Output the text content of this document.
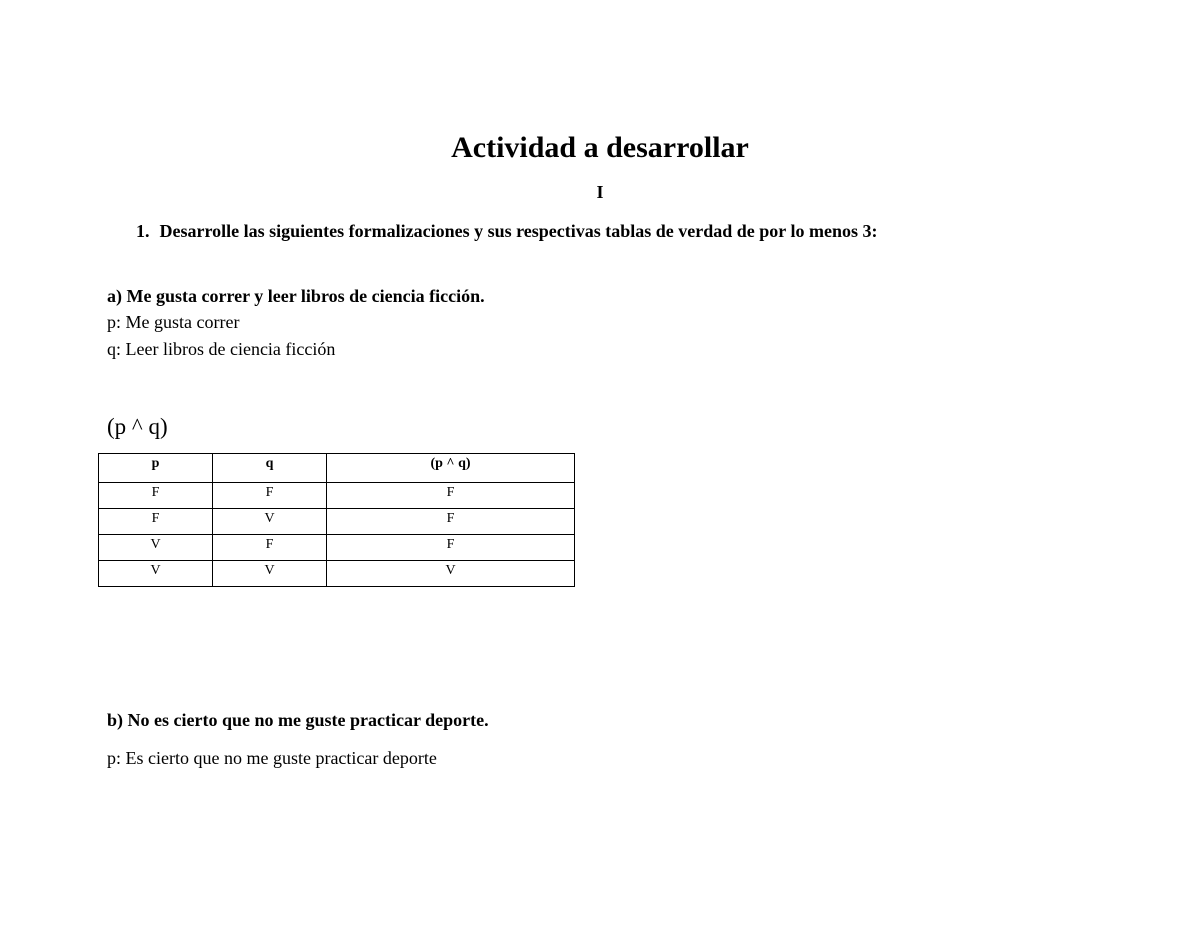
Actividad a desarrollar
I
1. Desarrolle las siguientes formalizaciones y sus respectivas tablas de verdad de por lo menos 3:
a) Me gusta correr y leer libros de ciencia ficción.
p: Me gusta correr
q: Leer libros de ciencia ficción
(p ^ q)
p	q	(p ^ q)
F	F	F
F	V	F
V	F	F
V	V	V
b) No es cierto que no me guste practicar deporte.
p: Es cierto que no me guste practicar deporte
